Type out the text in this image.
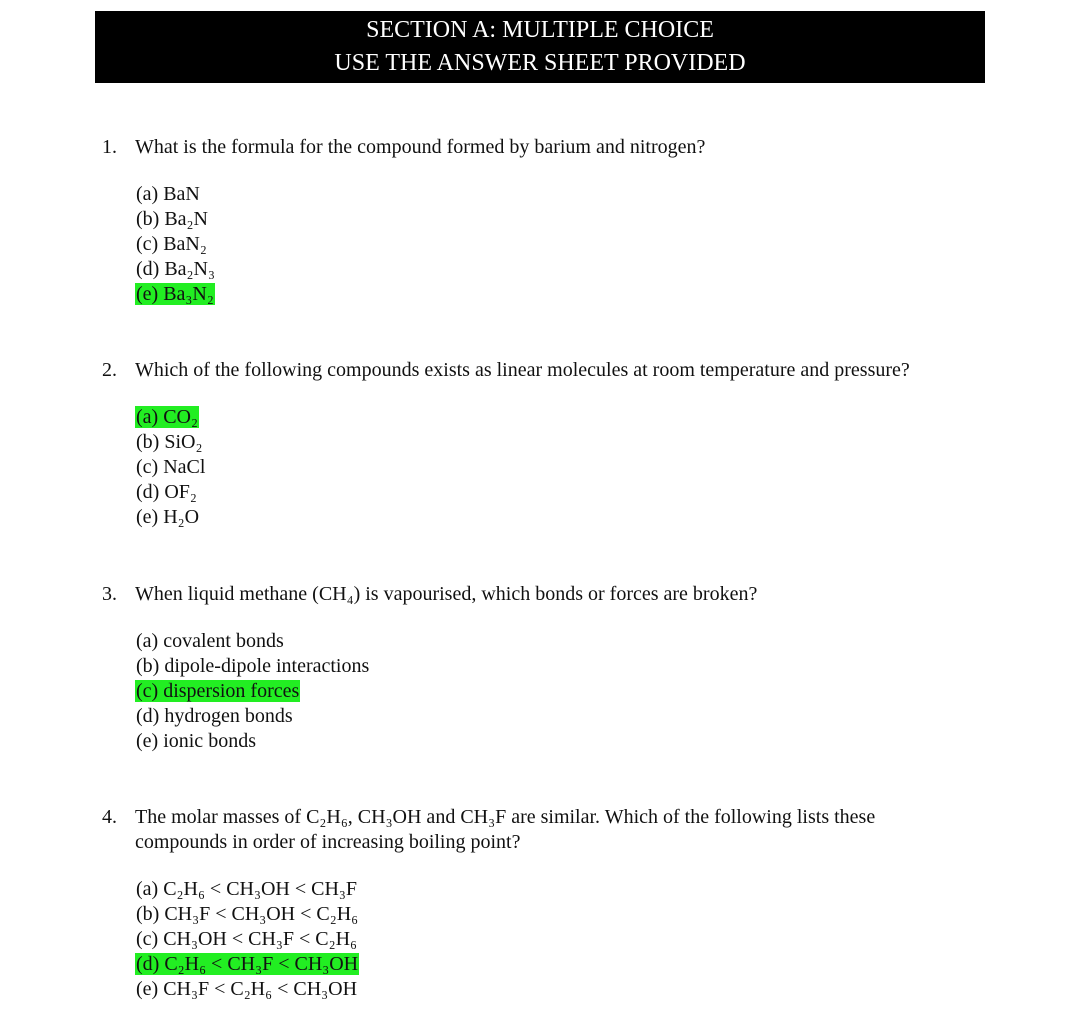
SECTION A: MULTIPLE CHOICE
USE THE ANSWER SHEET PROVIDED
1. What is the formula for the compound formed by barium and nitrogen?
(a) BaN
(b) Ba₂N
(c) BaN₂
(d) Ba₂N₃
(e) Ba₃N₂
2. Which of the following compounds exists as linear molecules at room temperature and pressure?
(a) CO₂
(b) SiO₂
(c) NaCl
(d) OF₂
(e) H₂O
3. When liquid methane (CH₄) is vapourised, which bonds or forces are broken?
(a) covalent bonds
(b) dipole-dipole interactions
(c) dispersion forces
(d) hydrogen bonds
(e) ionic bonds
4. The molar masses of C₂H₆, CH₃OH and CH₃F are similar. Which of the following lists these compounds in order of increasing boiling point?
(a) C₂H₆ < CH₃OH < CH₃F
(b) CH₃F < CH₃OH < C₂H₆
(c) CH₃OH < CH₃F < C₂H₆
(d) C₂H₆ < CH₃F < CH₃OH
(e) CH₃F < C₂H₆ < CH₃OH
